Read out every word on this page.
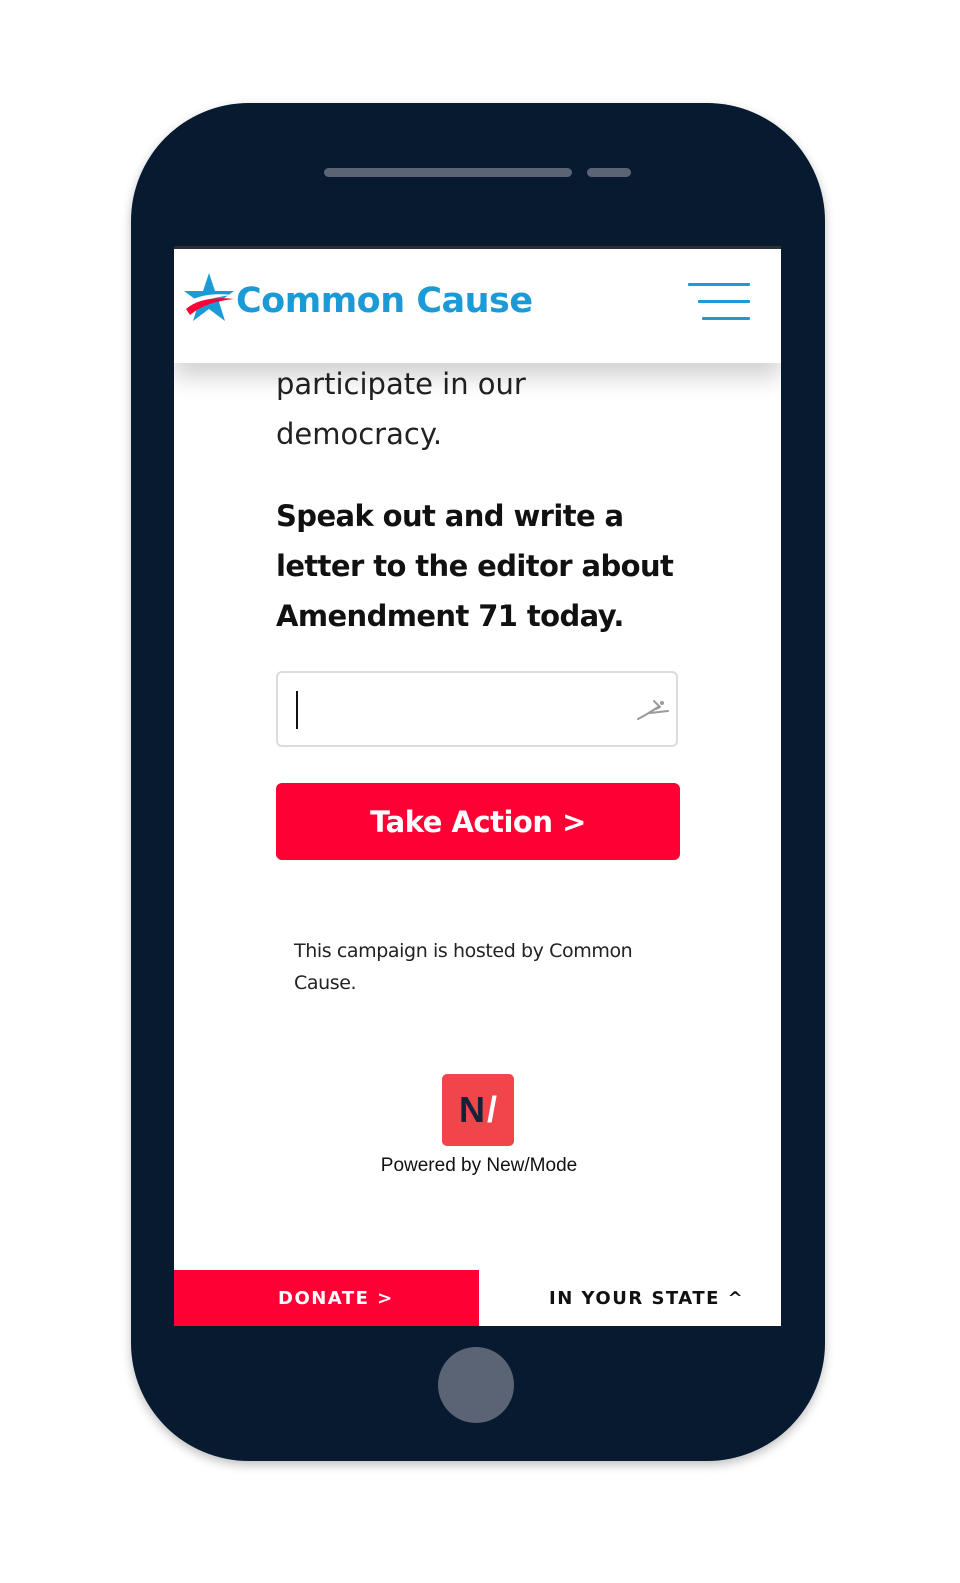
Common Cause

participate in our
democracy.

Speak out and write a
letter to the editor about
Amendment 71 today.

Take Action >

This campaign is hosted by Common
Cause.

N /
Powered by New/Mode
DONATE >	IN YOUR STATE ^
